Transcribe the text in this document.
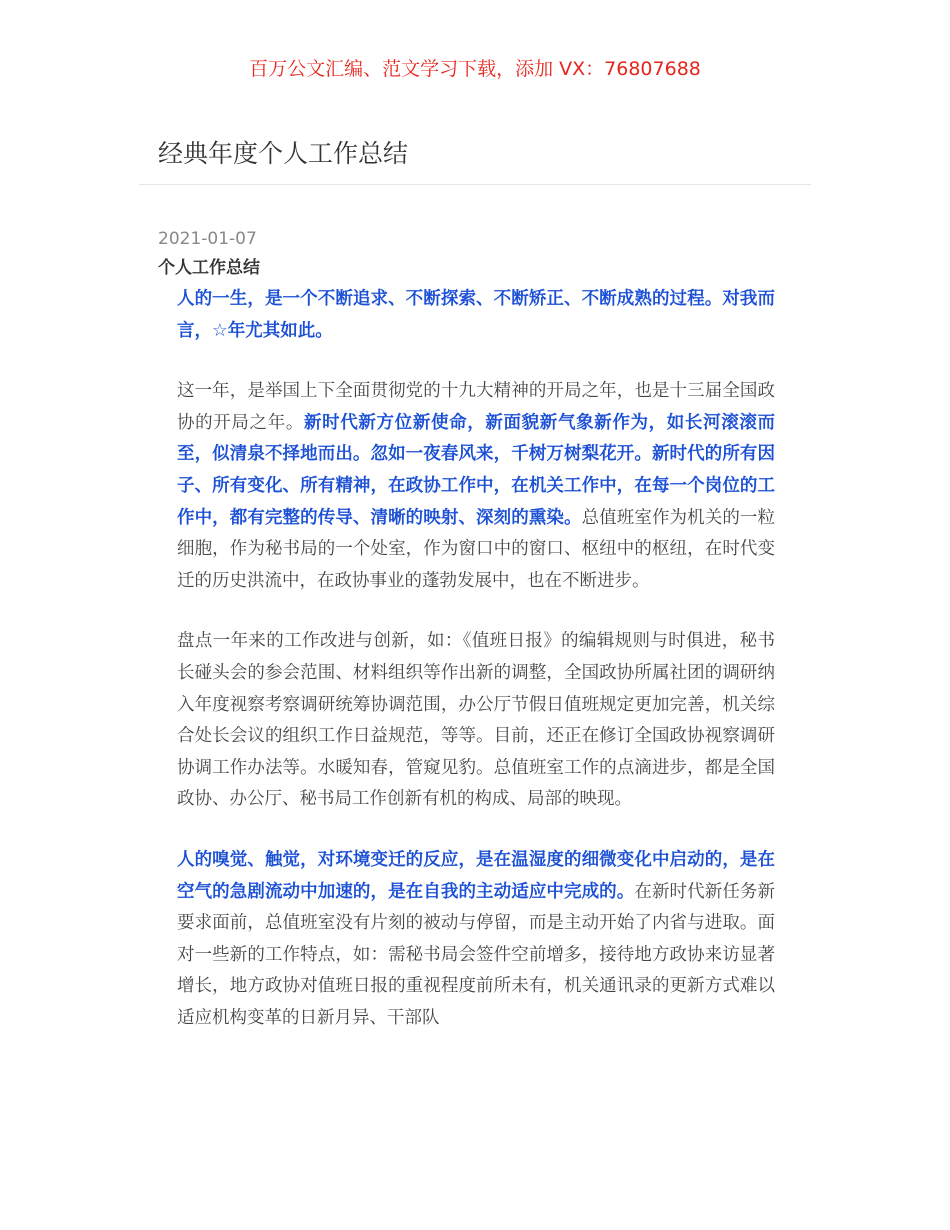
百万公文汇编、范文学习下载，添加 VX：76807688
经典年度个人工作总结
2021-01-07
个人工作总结

人的一生，是一个不断追求、不断探索、不断矫正、不断成熟的过程。对我而言，☆年尤其如此。

这一年，是举国上下全面贯彻党的十九大精神的开局之年，也是十三届全国政协的开局之年。新时代新方位新使命，新面貌新气象新作为，如长河滚滚而至，似清泉不择地而出。忽如一夜春风来，千树万树梨花开。新时代的所有因子、所有变化、所有精神，在政协工作中，在机关工作中，在每一个岗位的工作中，都有完整的传导、清晰的映射、深刻的熏染。总值班室作为机关的一粒细胞，作为秘书局的一个处室，作为窗口中的窗口、枢纽中的枢纽，在时代变迁的历史洪流中，在政协事业的蓬勃发展中，也在不断进步。

盘点一年来的工作改进与创新，如：《值班日报》的编辑规则与时俱进，秘书长碰头会的参会范围、材料组织等作出新的调整，全国政协所属社团的调研纳入年度视察考察调研统筹协调范围，办公厅节假日值班规定更加完善，机关综合处长会议的组织工作日益规范，等等。目前，还正在修订全国政协视察调研协调工作办法等。水暖知春，管窥见豹。总值班室工作的点滴进步，都是全国政协、办公厅、秘书局工作创新有机的构成、局部的映现。

人的嗅觉、触觉，对环境变迁的反应，是在温湿度的细微变化中启动的，是在空气的急剧流动中加速的，是在自我的主动适应中完成的。在新时代新任务新要求面前，总值班室没有片刻的被动与停留，而是主动开始了内省与进取。面对一些新的工作特点，如：需秘书局会签件空前增多，接待地方政协来访显著增长，地方政协对值班日报的重视程度前所未有，机关通讯录的更新方式难以适应机构变革的日新月异、干部队
